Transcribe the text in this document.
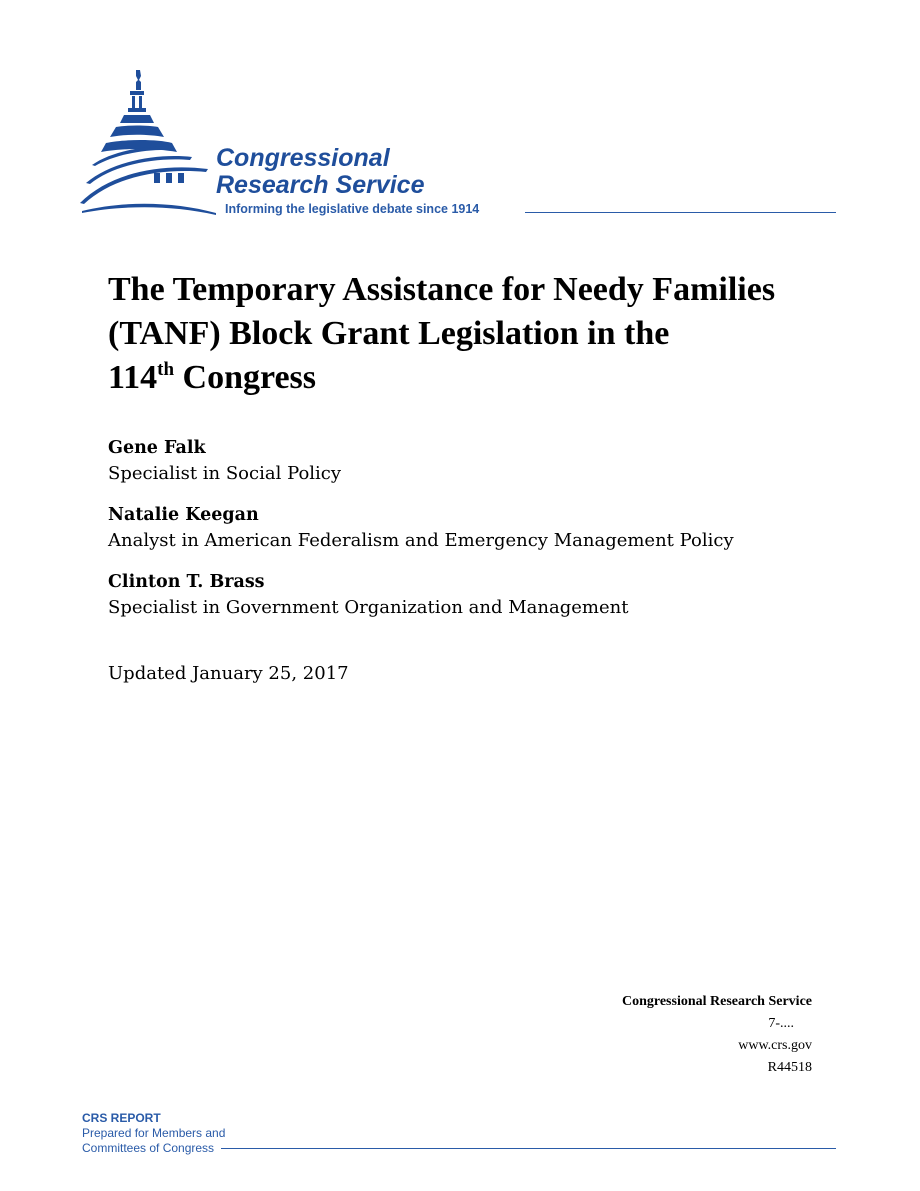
Congressional
Research Service
Informing the legislative debate since 1914
The Temporary Assistance for Needy Families
(TANF) Block Grant Legislation in the
114th Congress
Gene Falk
Specialist in Social Policy
Natalie Keegan
Analyst in American Federalism and Emergency Management Policy
Clinton T. Brass
Specialist in Government Organization and Management
Updated January 25, 2017
Congressional Research Service
7-....
www.crs.gov
R44518
CRS REPORT
Prepared for Members and
Committees of Congress
